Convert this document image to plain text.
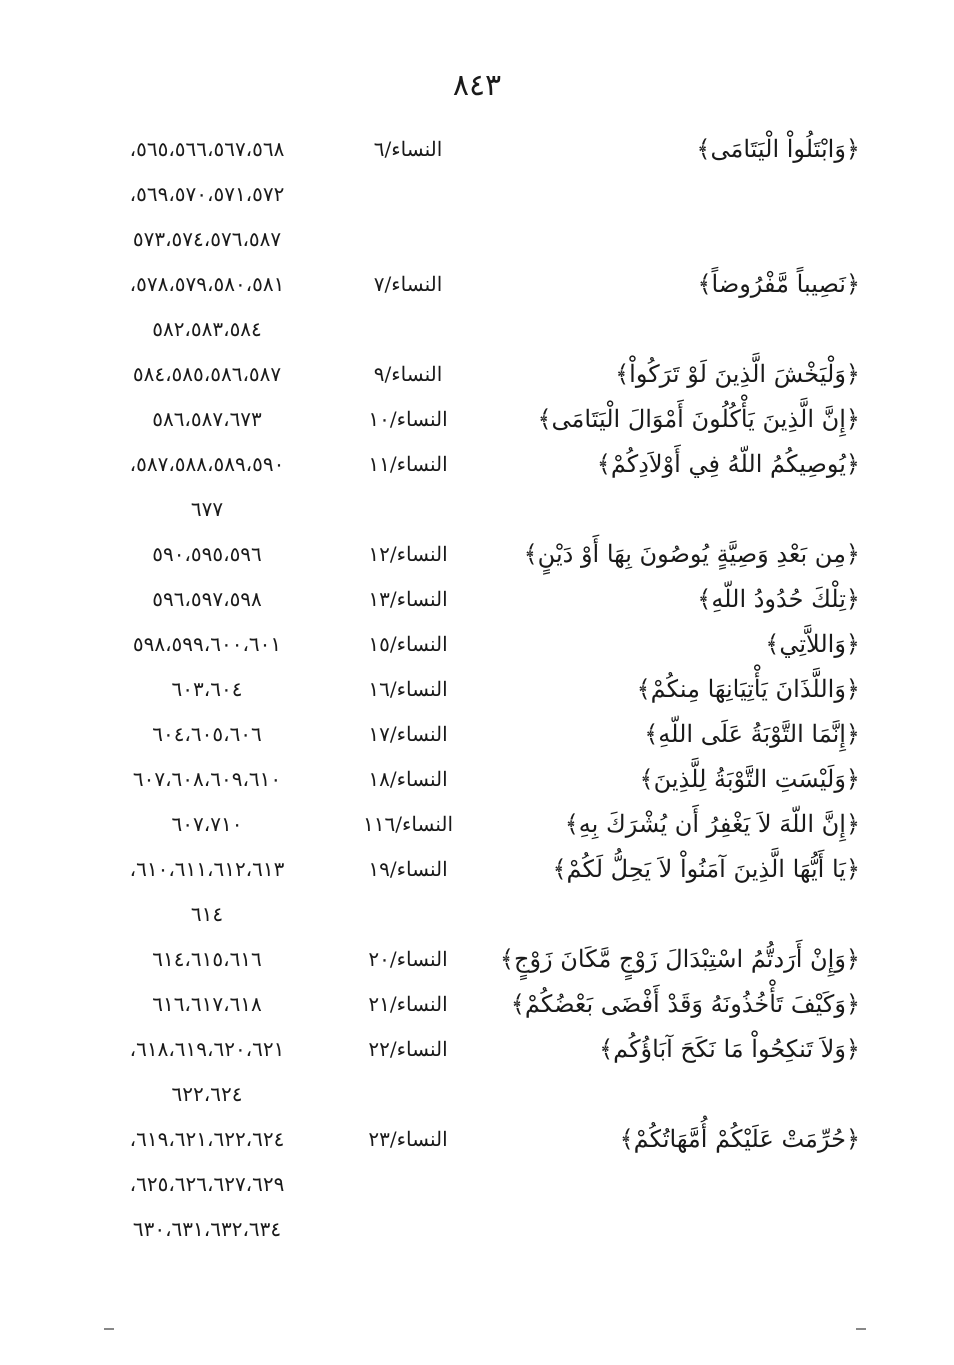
٨٤٣
﴿وَابْتَلُواْ الْيَتَامَى﴾
النساء/٦
٥٦٥،٥٦٦،٥٦٧،٥٦٨،
٥٦٩،٥٧٠،٥٧١،٥٧٢،
٥٧٣،٥٧٤،٥٧٦،٥٨٧
﴿نَصِيباً مَّفْرُوضاً﴾
النساء/٧
٥٧٨،٥٧٩،٥٨٠،٥٨١،
٥٨٢،٥٨٣،٥٨٤
﴿وَلْيَخْشَ الَّذِينَ لَوْ تَرَكُواْ﴾
النساء/٩
٥٨٤،٥٨٥،٥٨٦،٥٨٧
﴿إِنَّ الَّذِينَ يَأْكُلُونَ أَمْوَالَ الْيَتَامَى﴾
النساء/١٠
٥٨٦،٥٨٧،٦٧٣
﴿يُوصِيكُمُ اللّهُ فِي أَوْلاَدِكُمْ﴾
النساء/١١
٥٨٧،٥٨٨،٥٨٩،٥٩٠،
٦٧٧
﴿مِن بَعْدِ وَصِيَّةٍ يُوصُونَ بِهَا أَوْ دَيْنٍ﴾
النساء/١٢
٥٩٠،٥٩٥،٥٩٦
﴿تِلْكَ حُدُودُ اللّهِ﴾
النساء/١٣
٥٩٦،٥٩٧،٥٩٨
﴿وَاللاَّتِي﴾
النساء/١٥
٥٩٨،٥٩٩،٦٠٠،٦٠١
﴿وَاللَّذَانَ يَأْتِيَانِهَا مِنكُمْ﴾
النساء/١٦
٦٠٣،٦٠٤
﴿إِنَّمَا التَّوْبَةُ عَلَى اللّهِ﴾
النساء/١٧
٦٠٤،٦٠٥،٦٠٦
﴿وَلَيْسَتِ التَّوْبَةُ لِلَّذِينَ﴾
النساء/١٨
٦٠٧،٦٠٨،٦٠٩،٦١٠
﴿إِنَّ اللّهَ لاَ يَغْفِرُ أَن يُشْرَكَ بِهِ﴾
النساء/١١٦
٦٠٧،٧١٠
﴿يَا أَيُّهَا الَّذِينَ آمَنُواْ لاَ يَحِلُّ لَكُمْ﴾
النساء/١٩
٦١٠،٦١١،٦١٢،٦١٣،
٦١٤
﴿وَإِنْ أَرَدتُّمُ اسْتِبْدَالَ زَوْجٍ مَّكَانَ زَوْجٍ﴾
النساء/٢٠
٦١٤،٦١٥،٦١٦
﴿وَكَيْفَ تَأْخُذُونَهُ وَقَدْ أَفْضَى بَعْضُكُمْ﴾
النساء/٢١
٦١٦،٦١٧،٦١٨
﴿وَلاَ تَنكِحُواْ مَا نَكَحَ آبَاؤُكُم﴾
النساء/٢٢
٦١٨،٦١٩،٦٢٠،٦٢١،
٦٢٢،٦٢٤
﴿حُرِّمَتْ عَلَيْكُمْ أُمَّهَاتُكُمْ﴾
النساء/٢٣
٦١٩،٦٢١،٦٢٢،٦٢٤،
٦٢٥،٦٢٦،٦٢٧،٦٢٩،
٦٣٠،٦٣١،٦٣٢،٦٣٤
